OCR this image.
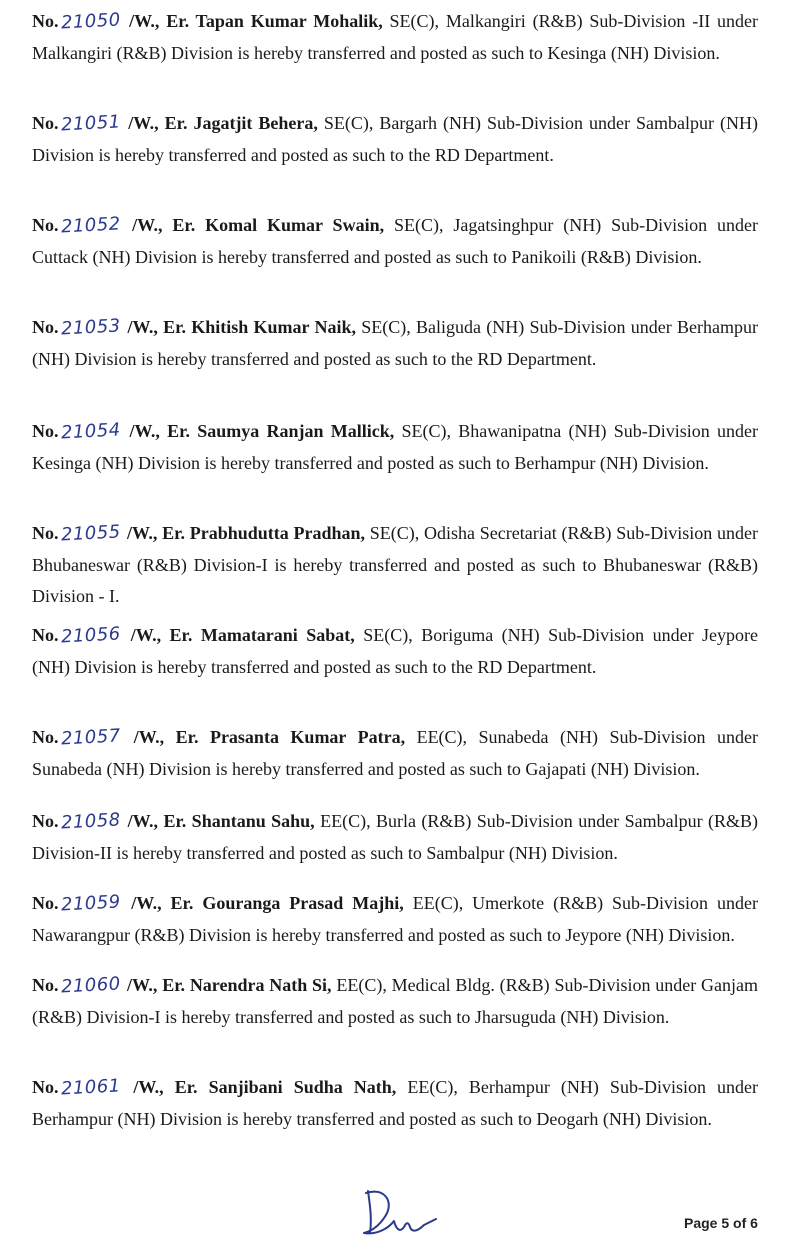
No.21050 /W., Er. Tapan Kumar Mohalik, SE(C), Malkangiri (R&B) Sub-Division -II under Malkangiri (R&B) Division is hereby transferred and posted as such to Kesinga (NH) Division.

No.21051 /W., Er. Jagatjit Behera, SE(C), Bargarh (NH) Sub-Division under Sambalpur (NH) Division is hereby transferred and posted as such to the RD Department.

No.21052 /W., Er. Komal Kumar Swain, SE(C), Jagatsinghpur (NH) Sub-Division under Cuttack (NH) Division is hereby transferred and posted as such to Panikoili (R&B) Division.

No.21053 /W., Er. Khitish Kumar Naik, SE(C), Baliguda (NH) Sub-Division under Berhampur (NH) Division is hereby transferred and posted as such to the RD Department.

No.21054 /W., Er. Saumya Ranjan Mallick, SE(C), Bhawanipatna (NH) Sub-Division under Kesinga (NH) Division is hereby transferred and posted as such to Berhampur (NH) Division.

No.21055 /W., Er. Prabhudutta Pradhan, SE(C), Odisha Secretariat (R&B) Sub-Division under Bhubaneswar (R&B) Division-I is hereby transferred and posted as such to Bhubaneswar (R&B) Division - I.

No.21056 /W., Er. Mamatarani Sabat, SE(C), Boriguma (NH) Sub-Division under Jeypore (NH) Division is hereby transferred and posted as such to the RD Department.

No.21057 /W., Er. Prasanta Kumar Patra, EE(C), Sunabeda (NH) Sub-Division under Sunabeda (NH) Division is hereby transferred and posted as such to Gajapati (NH) Division.

No.21058 /W., Er. Shantanu Sahu, EE(C), Burla (R&B) Sub-Division under Sambalpur (R&B) Division-II is hereby transferred and posted as such to Sambalpur (NH) Division.

No.21059 /W., Er. Gouranga Prasad Majhi, EE(C), Umerkote (R&B) Sub-Division under Nawarangpur (R&B) Division is hereby transferred and posted as such to Jeypore (NH) Division.

No.21060 /W., Er. Narendra Nath Si, EE(C), Medical Bldg. (R&B) Sub-Division under Ganjam (R&B) Division-I is hereby transferred and posted as such to Jharsuguda (NH) Division.

No.21061 /W., Er. Sanjibani Sudha Nath, EE(C), Berhampur (NH) Sub-Division under Berhampur (NH) Division is hereby transferred and posted as such to Deogarh (NH) Division.

Page 5 of 6
